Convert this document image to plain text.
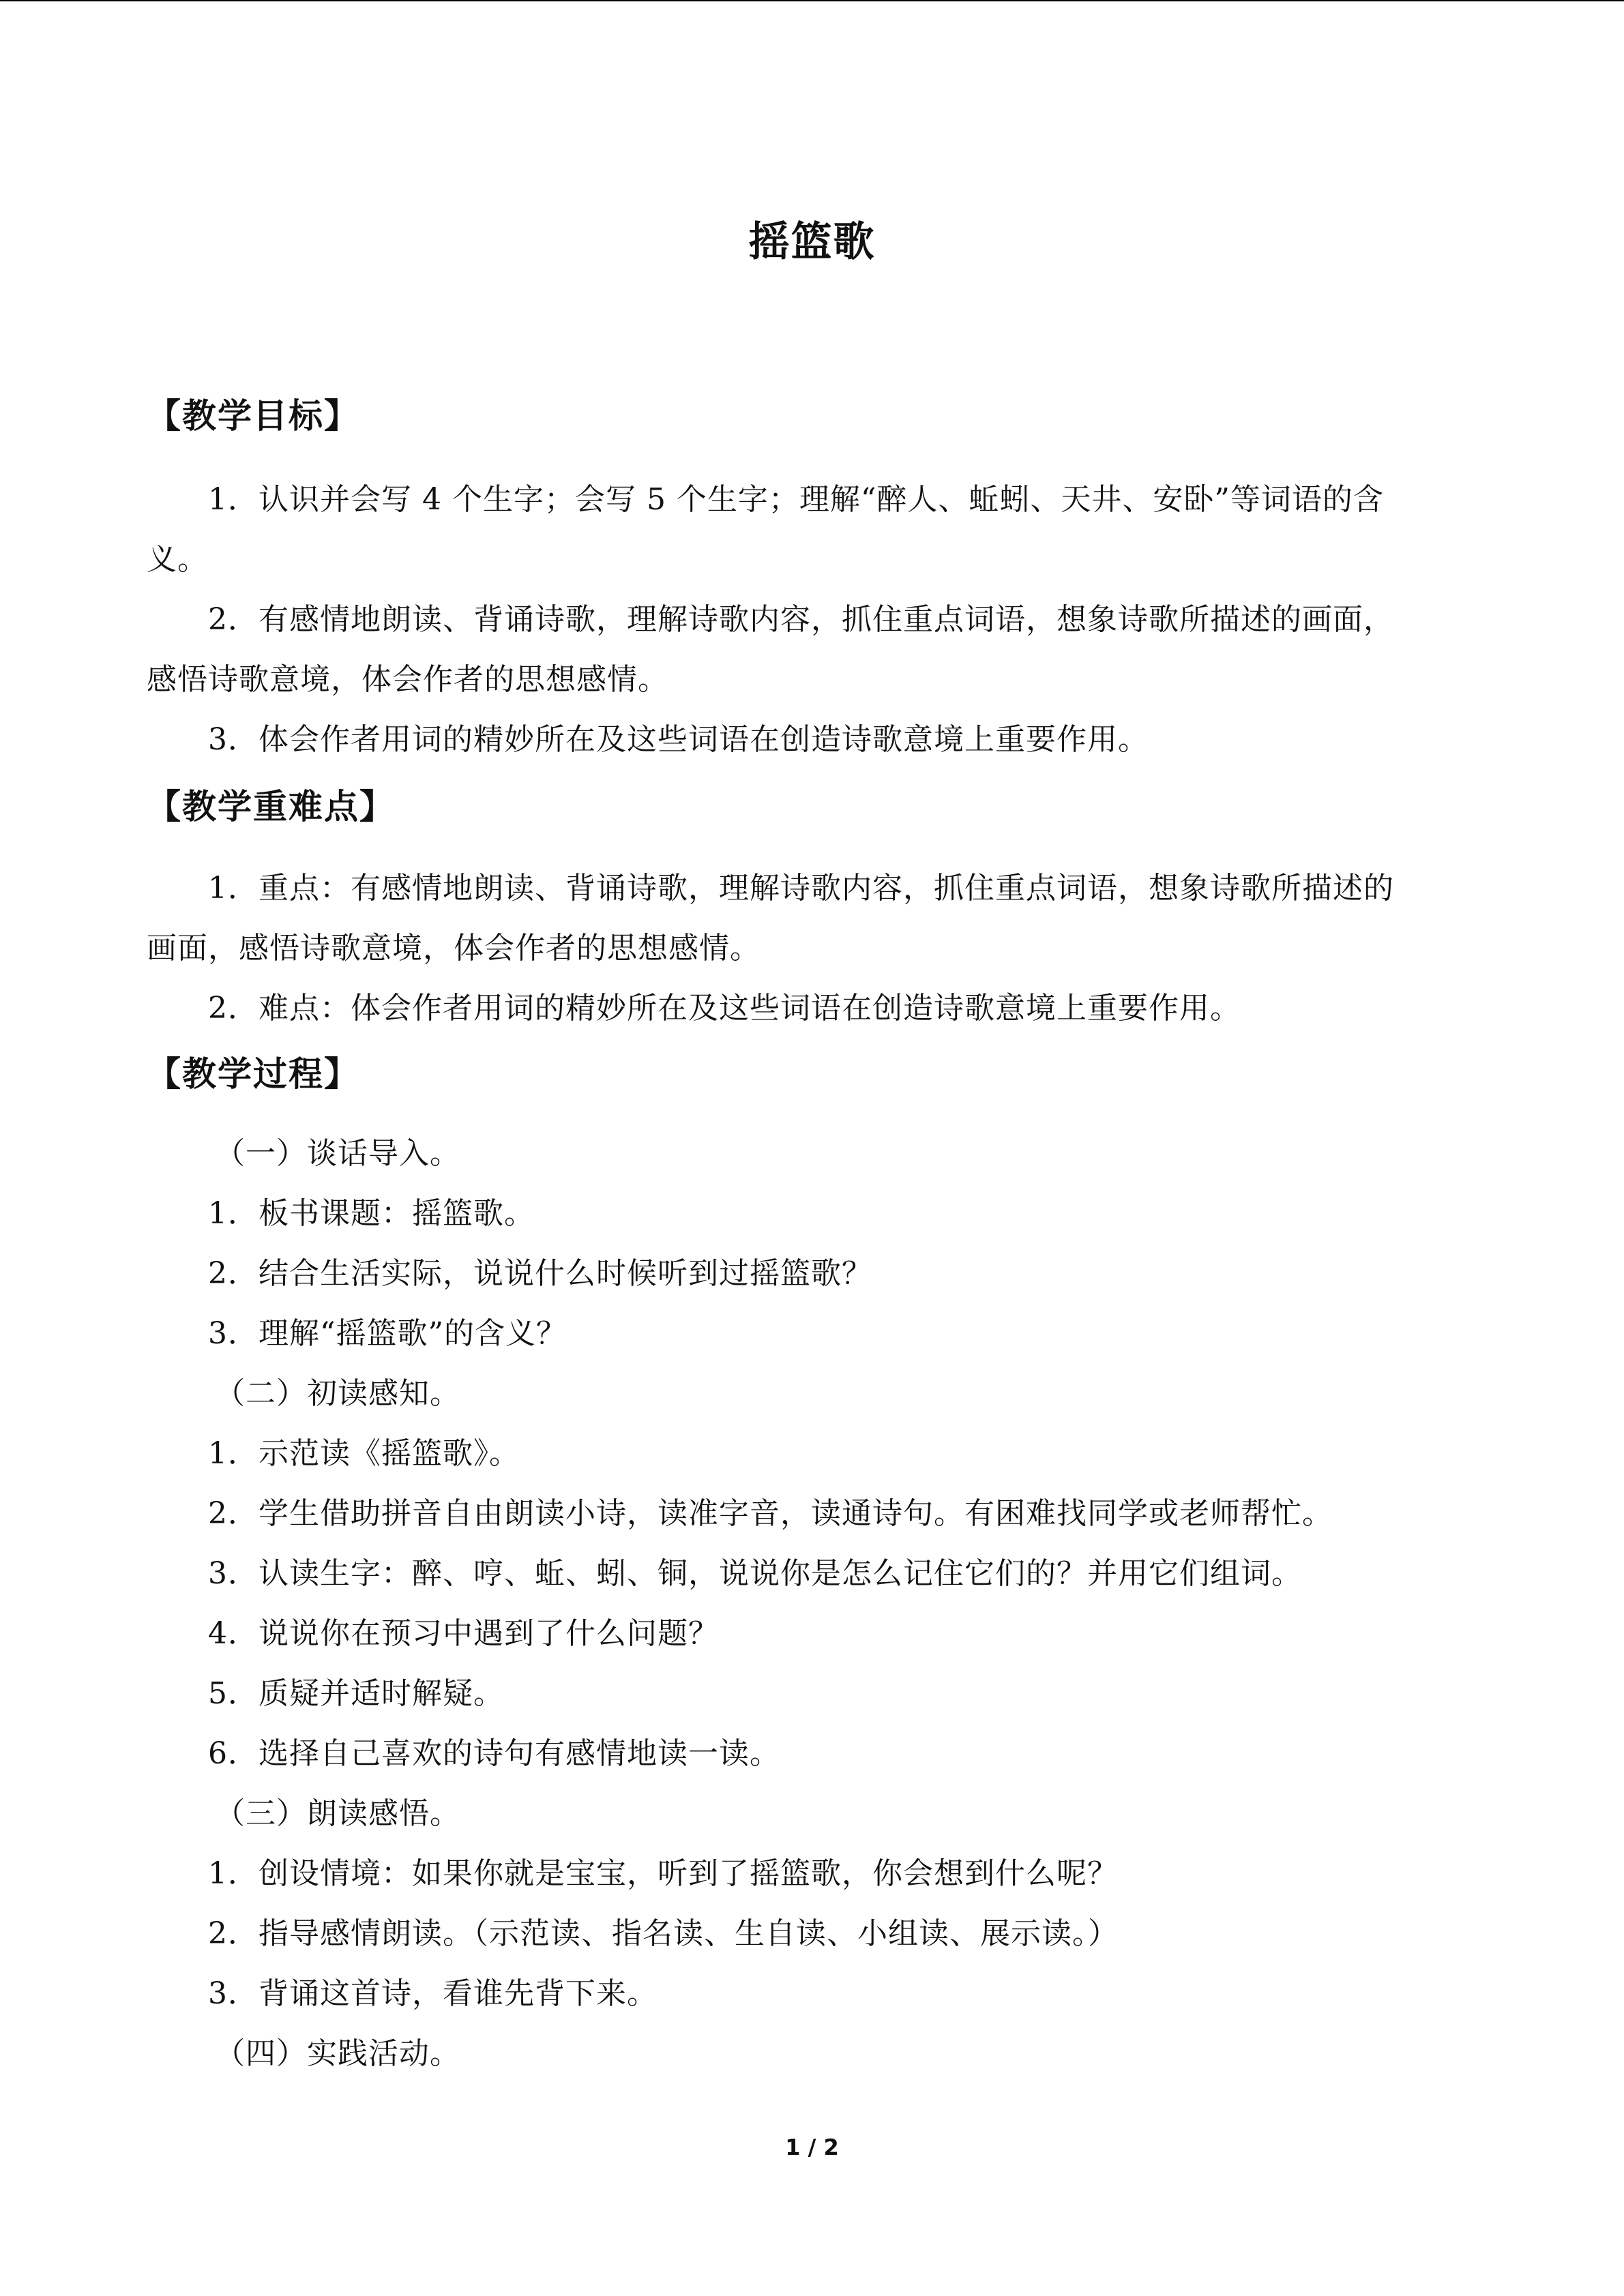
摇篮歌
【教学目标】
1．认识并会写 4 个生字；会写 5 个生字；理解“醉人、蚯蚓、天井、安卧”等词语的含
义。
2．有感情地朗读、背诵诗歌，理解诗歌内容，抓住重点词语，想象诗歌所描述的画面，
感悟诗歌意境，体会作者的思想感情。
3．体会作者用词的精妙所在及这些词语在创造诗歌意境上重要作用。
【教学重难点】
1．重点：有感情地朗读、背诵诗歌，理解诗歌内容，抓住重点词语，想象诗歌所描述的
画面，感悟诗歌意境，体会作者的思想感情。
2．难点：体会作者用词的精妙所在及这些词语在创造诗歌意境上重要作用。
【教学过程】
（一）谈话导入。
1．板书课题：摇篮歌。
2．结合生活实际，说说什么时候听到过摇篮歌？
3．理解“摇篮歌”的含义？
（二）初读感知。
1．示范读《摇篮歌》。
2．学生借助拼音自由朗读小诗，读准字音，读通诗句。有困难找同学或老师帮忙。
3．认读生字：醉、哼、蚯、蚓、铜，说说你是怎么记住它们的？并用它们组词。
4．说说你在预习中遇到了什么问题？
5．质疑并适时解疑。
6．选择自己喜欢的诗句有感情地读一读。
（三）朗读感悟。
1．创设情境：如果你就是宝宝，听到了摇篮歌，你会想到什么呢？
2．指导感情朗读。（示范读、指名读、生自读、小组读、展示读。）
3．背诵这首诗，看谁先背下来。
（四）实践活动。
1 / 2
